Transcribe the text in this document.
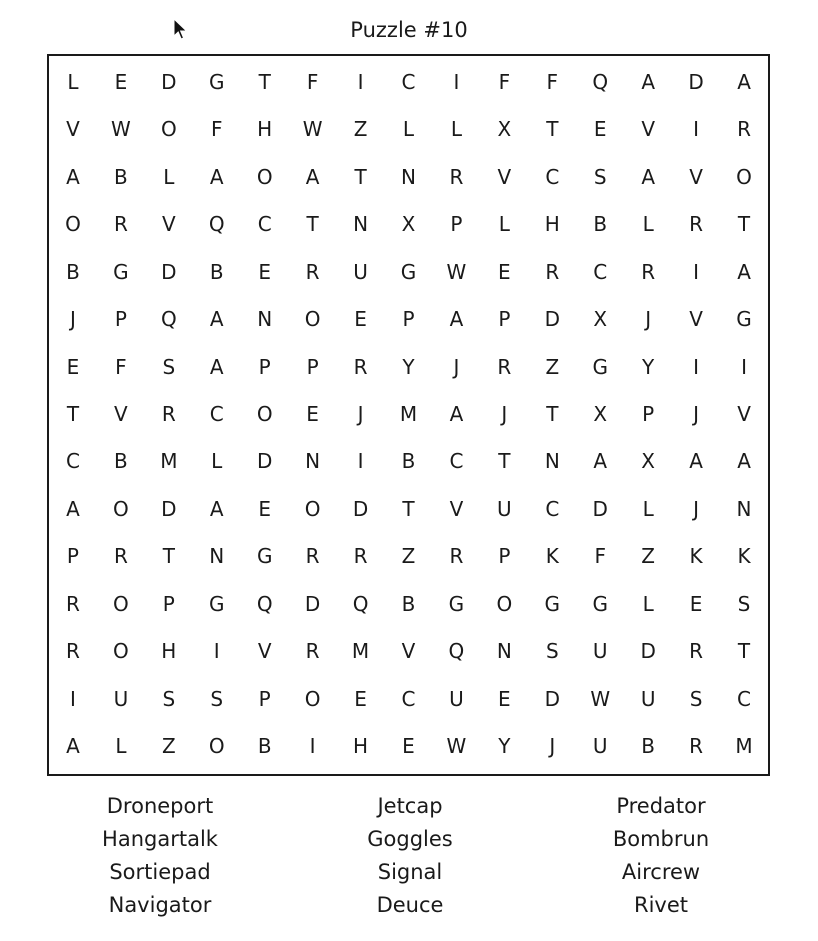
Puzzle #10
L	E	D	G	T	F	I	C	I	F	F	Q	A	D	A
V	W	O	F	H	W	Z	L	L	X	T	E	V	I	R
A	B	L	A	O	A	T	N	R	V	C	S	A	V	O
O	R	V	Q	C	T	N	X	P	L	H	B	L	R	T
B	G	D	B	E	R	U	G	W	E	R	C	R	I	A
J	P	Q	A	N	O	E	P	A	P	D	X	J	V	G
E	F	S	A	P	P	R	Y	J	R	Z	G	Y	I	I
T	V	R	C	O	E	J	M	A	J	T	X	P	J	V
C	B	M	L	D	N	I	B	C	T	N	A	X	A	A
A	O	D	A	E	O	D	T	V	U	C	D	L	J	N
P	R	T	N	G	R	R	Z	R	P	K	F	Z	K	K
R	O	P	G	Q	D	Q	B	G	O	G	G	L	E	S
R	O	H	I	V	R	M	V	Q	N	S	U	D	R	T
I	U	S	S	P	O	E	C	U	E	D	W	U	S	C
A	L	Z	O	B	I	H	E	W	Y	J	U	B	R	M
Droneport
Hangartalk
Sortiepad
Navigator
Jetcap
Goggles
Signal
Deuce
Predator
Bombrun
Aircrew
Rivet
